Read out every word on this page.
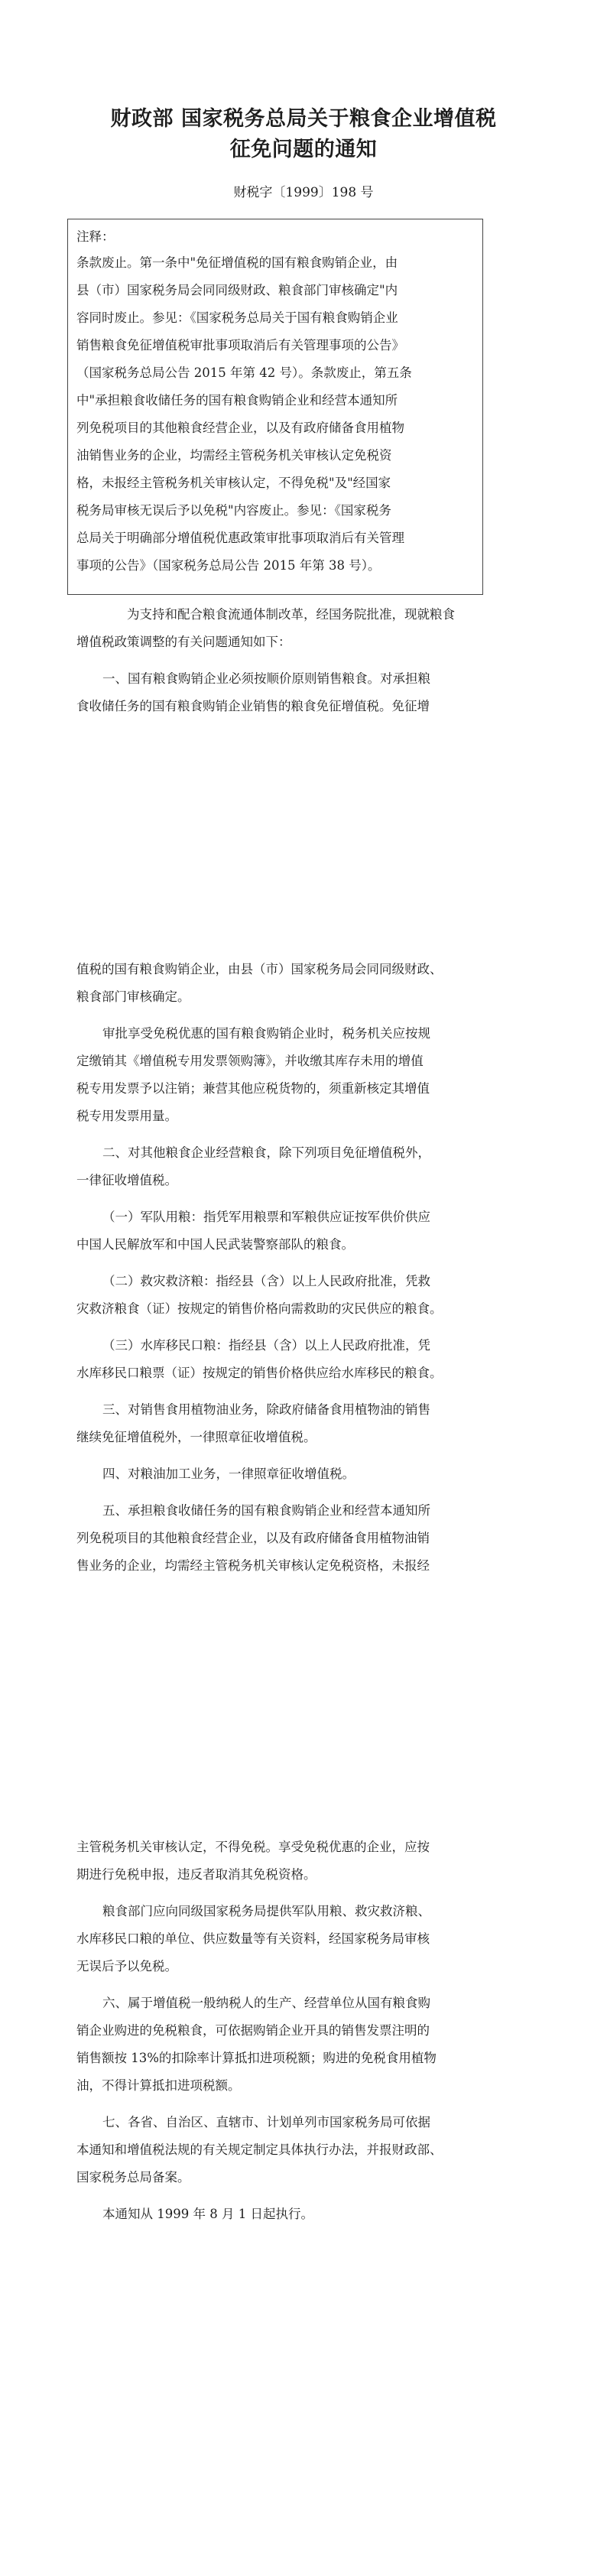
财政部 国家税务总局关于粮食企业增值税
征免问题的通知
财税字〔1999〕198 号
注释：
条款废止。第一条中"免征增值税的国有粮食购销企业，由
县（市）国家税务局会同同级财政、粮食部门审核确定"内
容同时废止。参见：《国家税务总局关于国有粮食购销企业
销售粮食免征增值税审批事项取消后有关管理事项的公告》
（国家税务总局公告 2015 年第 42 号）。条款废止，第五条
中"承担粮食收储任务的国有粮食购销企业和经营本通知所
列免税项目的其他粮食经营企业，以及有政府储备食用植物
油销售业务的企业，均需经主管税务机关审核认定免税资
格，未报经主管税务机关审核认定，不得免税"及"经国家
税务局审核无误后予以免税"内容废止。参见：《国家税务
总局关于明确部分增值税优惠政策审批事项取消后有关管理
事项的公告》（国家税务总局公告 2015 年第 38 号）。
为支持和配合粮食流通体制改革，经国务院批准，现就粮食
增值税政策调整的有关问题通知如下：
一、国有粮食购销企业必须按顺价原则销售粮食。对承担粮
食收储任务的国有粮食购销企业销售的粮食免征增值税。免征增
值税的国有粮食购销企业，由县（市）国家税务局会同同级财政、
粮食部门审核确定。
审批享受免税优惠的国有粮食购销企业时，税务机关应按规
定缴销其《增值税专用发票领购簿》，并收缴其库存未用的增值
税专用发票予以注销；兼营其他应税货物的，须重新核定其增值
税专用发票用量。
二、对其他粮食企业经营粮食，除下列项目免征增值税外，
一律征收增值税。
（一）军队用粮：指凭军用粮票和军粮供应证按军供价供应
中国人民解放军和中国人民武装警察部队的粮食。
（二）救灾救济粮：指经县（含）以上人民政府批准，凭救
灾救济粮食（证）按规定的销售价格向需救助的灾民供应的粮食。
（三）水库移民口粮：指经县（含）以上人民政府批准，凭
水库移民口粮票（证）按规定的销售价格供应给水库移民的粮食。
三、对销售食用植物油业务，除政府储备食用植物油的销售
继续免征增值税外，一律照章征收增值税。
四、对粮油加工业务，一律照章征收增值税。
五、承担粮食收储任务的国有粮食购销企业和经营本通知所
列免税项目的其他粮食经营企业，以及有政府储备食用植物油销
售业务的企业，均需经主管税务机关审核认定免税资格，未报经
主管税务机关审核认定，不得免税。享受免税优惠的企业，应按
期进行免税申报，违反者取消其免税资格。
粮食部门应向同级国家税务局提供军队用粮、救灾救济粮、
水库移民口粮的单位、供应数量等有关资料，经国家税务局审核
无误后予以免税。
六、属于增值税一般纳税人的生产、经营单位从国有粮食购
销企业购进的免税粮食，可依据购销企业开具的销售发票注明的
销售额按 13%的扣除率计算抵扣进项税额；购进的免税食用植物
油，不得计算抵扣进项税额。
七、各省、自治区、直辖市、计划单列市国家税务局可依据
本通知和增值税法规的有关规定制定具体执行办法，并报财政部、
国家税务总局备案。
本通知从 1999 年 8 月 1 日起执行。
